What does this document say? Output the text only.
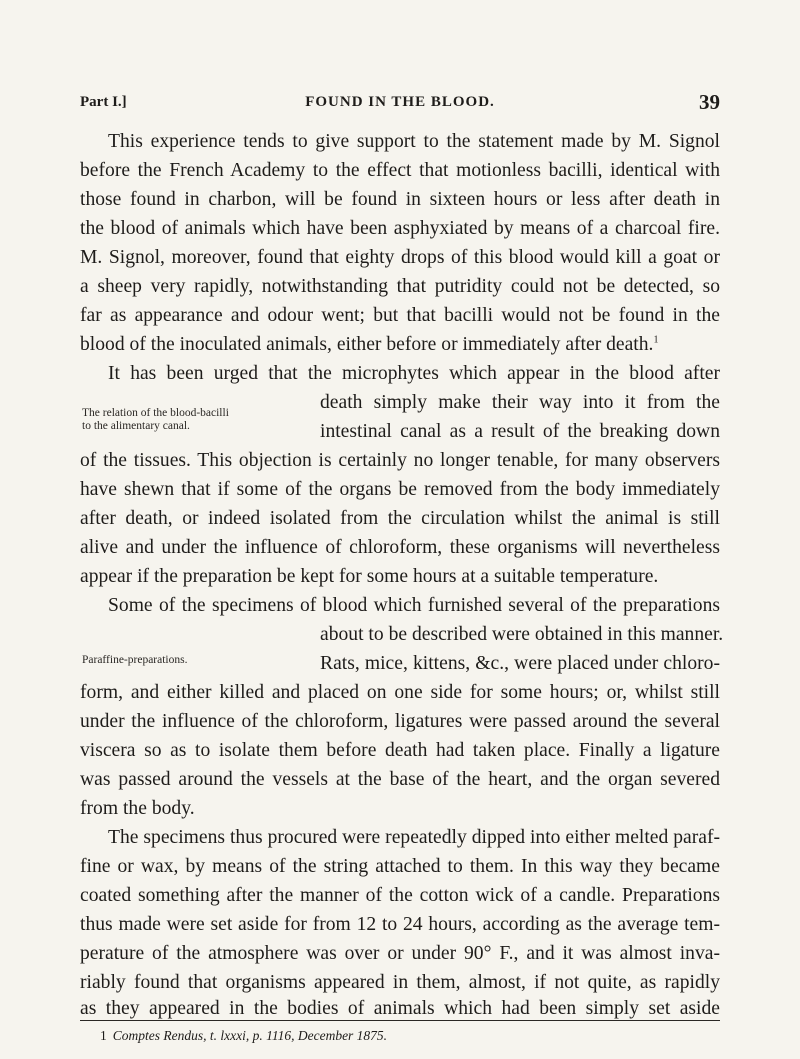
Part I.]	FOUND IN THE BLOOD.	39
This experience tends to give support to the statement made by M. Signol
before the French Academy to the effect that motionless bacilli, identical with
those found in charbon, will be found in sixteen hours or less after death in
the blood of animals which have been asphyxiated by means of a charcoal fire.
M. Signol, moreover, found that eighty drops of this blood would kill a goat or
a sheep very rapidly, notwithstanding that putridity could not be detected, so
far as appearance and odour went; but that bacilli would not be found in the
blood of the inoculated animals, either before or immediately after death.$^1$
It has been urged that the microphytes which appear in the blood after
The relation of the blood-bacilli
to the alimentary canal.
death simply make their way into it from the
intestinal canal as a result of the breaking down
of the tissues. This objection is certainly no longer tenable, for many observers
have shewn that if some of the organs be removed from the body immediately
after death, or indeed isolated from the circulation whilst the animal is still
alive and under the influence of chloroform, these organisms will nevertheless
appear if the preparation be kept for some hours at a suitable temperature.
Some of the specimens of blood which furnished several of the preparations
about to be described were obtained in this manner.
Paraffine-preparations.	Rats, mice, kittens, &c., were placed under chloro-
form, and either killed and placed on one side for some hours; or, whilst still
under the influence of the chloroform, ligatures were passed around the several
viscera so as to isolate them before death had taken place. Finally a ligature
was passed around the vessels at the base of the heart, and the organ severed
from the body.
The specimens thus procured were repeatedly dipped into either melted paraf-
fine or wax, by means of the string attached to them. In this way they became
coated something after the manner of the cotton wick of a candle. Preparations
thus made were set aside for from 12 to 24 hours, according as the average tem-
perature of the atmosphere was over or under 90° F., and it was almost inva-
riably found that organisms appeared in them, almost, if not quite, as rapidly
as they appeared in the bodies of animals which had been simply set aside
1 Comptes Rendus, t. lxxxi, p. 1116, December 1875.
